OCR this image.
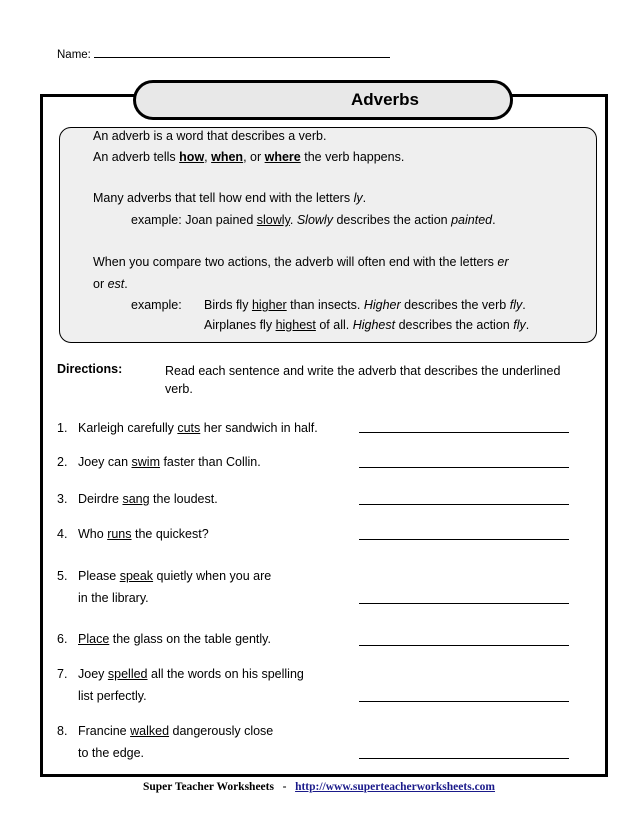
Name:
Adverbs
An adverb is a word that describes a verb.
An adverb tells how, when, or where the verb happens.
Many adverbs that tell how end with the letters ly.
example: Joan pained slowly. Slowly describes the action painted.
When you compare two actions, the adverb will often end with the letters er
or est.
example: Birds fly higher than insects. Higher describes the verb fly.
Airplanes fly highest of all. Highest describes the action fly.
Directions:	Read each sentence and write the adverb that describes the underlined verb.
1. Karleigh carefully cuts her sandwich in half.
2. Joey can swim faster than Collin.
3. Deirdre sang the loudest.
4. Who runs the quickest?
5. Please speak quietly when you are
in the library.
6. Place the glass on the table gently.
7. Joey spelled all the words on his spelling
list perfectly.
8. Francine walked dangerously close
to the edge.
Super Teacher Worksheets   -   http://www.superteacherworksheets.com
